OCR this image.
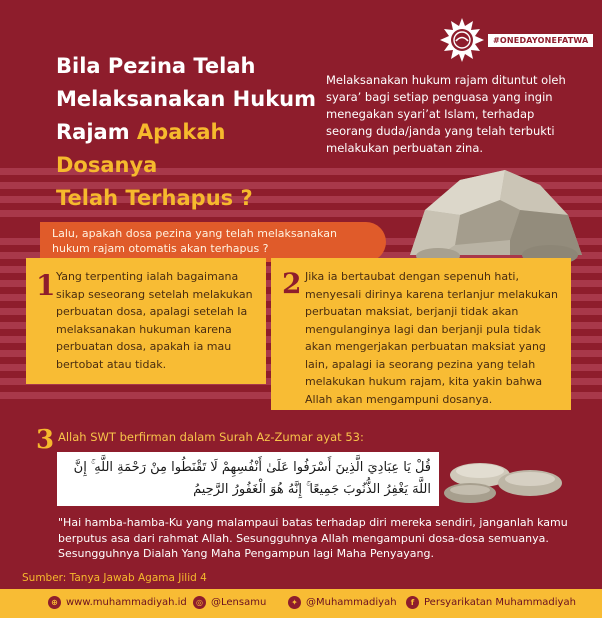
#ONEDAYONEFATWA
Bila Pezina Telah
Melaksanakan Hukum
Rajam Apakah Dosanya
Telah Terhapus ?
Melaksanakan hukum rajam dituntut oleh syara’ bagi setiap penguasa yang ingin menegakan syari’at Islam, terhadap seorang duda/janda yang telah terbukti melakukan perbuatan zina.
Lalu, apakah dosa pezina yang telah melaksanakan hukum rajam otomatis akan terhapus ?
1 Yang terpenting ialah bagaimana sikap seseorang setelah melakukan perbuatan dosa, apalagi setelah Ia melaksanakan hukuman karena perbuatan dosa, apakah ia mau bertobat atau tidak.
2 Jika ia bertaubat dengan sepenuh hati, menyesali dirinya karena terlanjur melakukan perbuatan maksiat, berjanji tidak akan mengulanginya lagi dan berjanji pula tidak akan mengerjakan perbuatan maksiat yang lain, apalagi ia seorang pezina yang telah melakukan hukum rajam, kita yakin bahwa Allah akan mengampuni dosanya.
3 Allah SWT berfirman dalam Surah Az-Zumar ayat 53:
قُلْ يَا عِبَادِيَ الَّذِينَ أَسْرَفُوا عَلَىٰ أَنْفُسِهِمْ لَا تَقْنَطُوا مِنْ رَحْمَةِ اللَّهِ ۚ إِنَّ اللَّهَ يَغْفِرُ الذُّنُوبَ جَمِيعًا ۚ إِنَّهُ هُوَ الْغَفُورُ الرَّحِيمُ
"Hai hamba-hamba-Ku yang malampaui batas terhadap diri mereka sendiri, janganlah kamu berputus asa dari rahmat Allah. Sesungguhnya Allah mengampuni dosa-dosa semuanya. Sesungguhnya Dialah Yang Maha Pengampun lagi Maha Penyayang.
Sumber: Tanya Jawab Agama Jilid 4
⊕ www.muhammadiyah.id	◎ @Lensamu	✦ @Muhammadiyah	f Persyarikatan Muhammadiyah
